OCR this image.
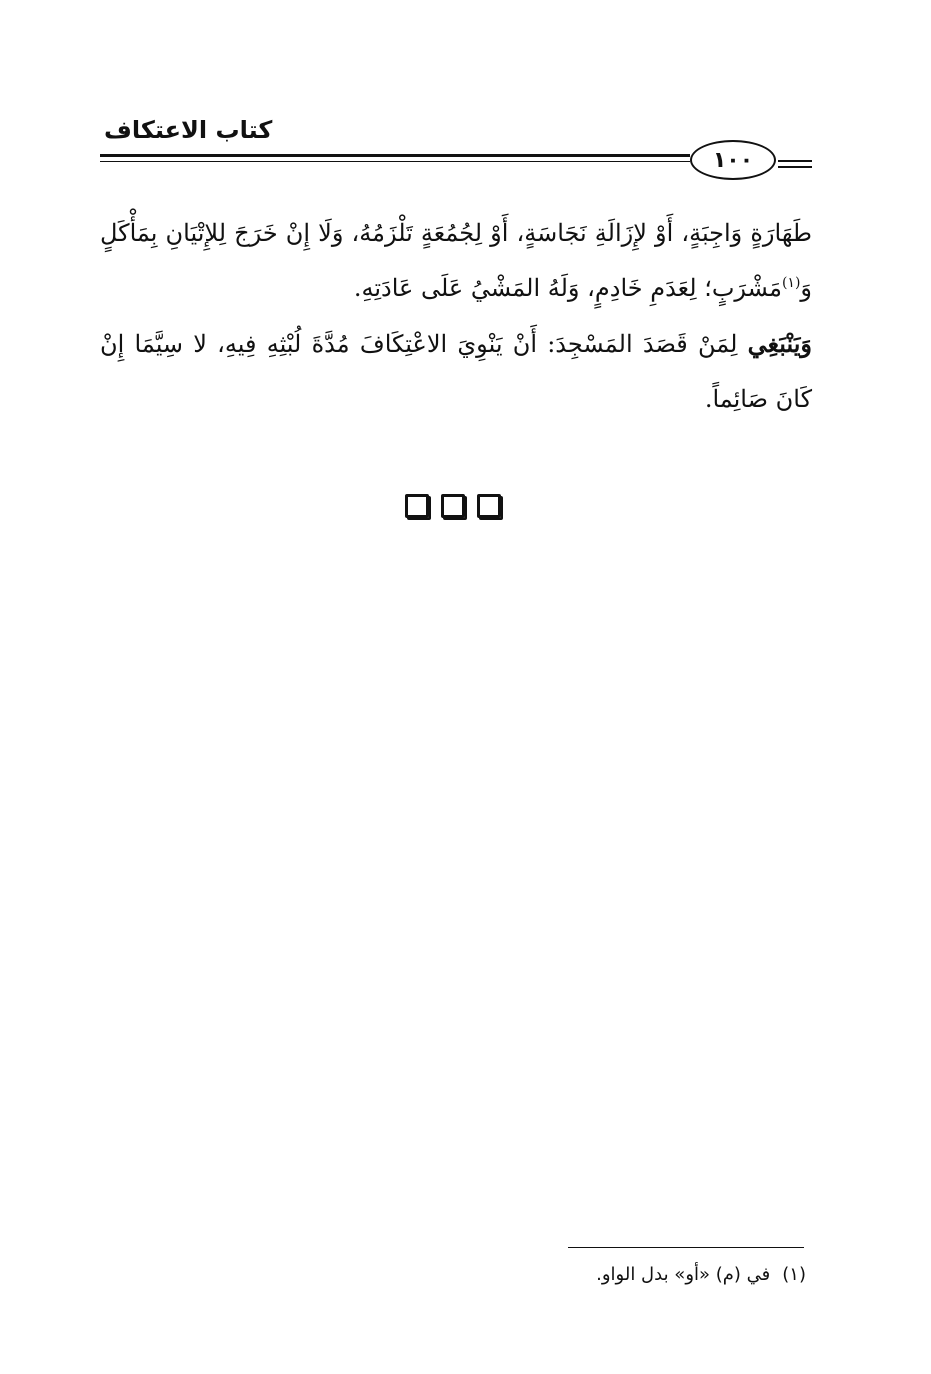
كتاب الاعتكاف
١٠٠

طَهَارَةٍ وَاجِبَةٍ، أَوْ لإِزَالَةِ نَجَاسَةٍ، أَوْ لِجُمُعَةٍ تَلْزَمُهُ، وَلَا إِنْ خَرَجَ لِلإِتْيَانِ بِمَأْكَلٍ وَ$^{(١)}$مَشْرَبٍ؛ لِعَدَمِ خَادِمٍ، وَلَهُ المَشْيُ عَلَى عَادَتِهِ.

وَيَنْبَغِي لِمَنْ قَصَدَ المَسْجِدَ: أَنْ يَنْوِيَ الاعْتِكَافَ مُدَّةَ لُبْثِهِ فِيهِ، لا سِيَّمَا إِنْ كَانَ صَائِماً.

(١)في (م) «أو» بدل الواو.
